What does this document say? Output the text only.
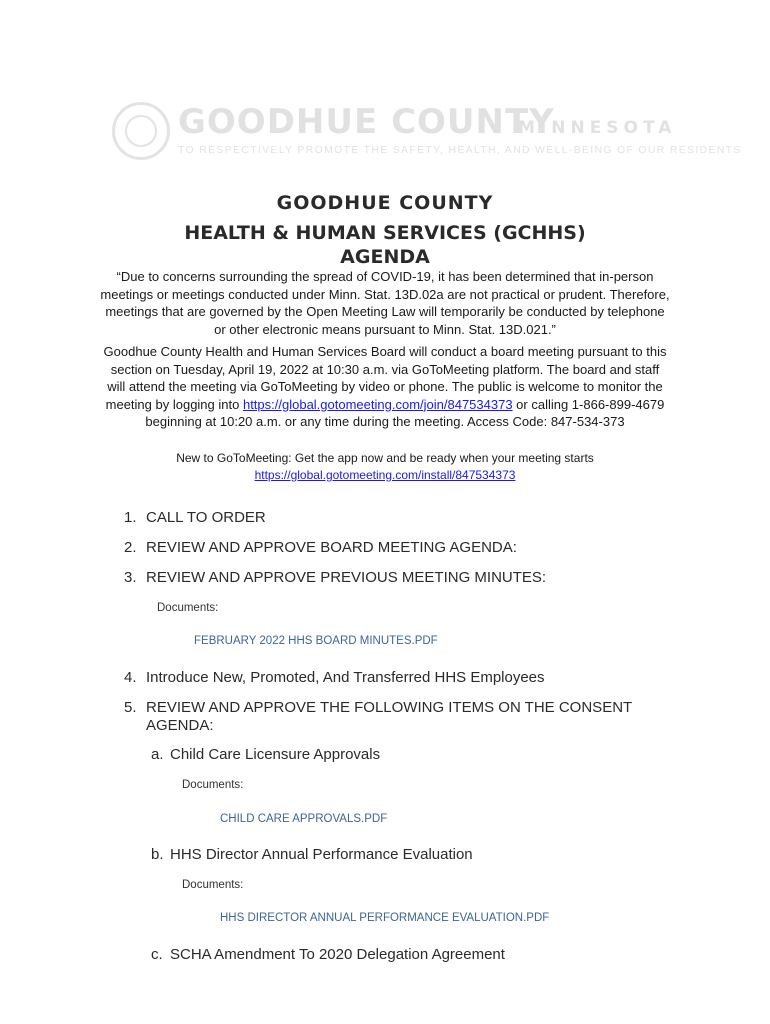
GOODHUE COUNTY
MINNESOTA
TO RESPECTIVELY PROMOTE THE SAFETY, HEALTH, AND WELL-BEING OF OUR RESIDENTS
GOODHUE COUNTY
HEALTH & HUMAN SERVICES (GCHHS)
AGENDA
“Due to concerns surrounding the spread of COVID-19, it has been determined that in-person meetings or meetings conducted under Minn. Stat. 13D.02a are not practical or prudent. Therefore, meetings that are governed by the Open Meeting Law will temporarily be conducted by telephone or other electronic means pursuant to Minn. Stat. 13D.021.”
Goodhue County Health and Human Services Board will conduct a board meeting pursuant to this section on Tuesday, April 19, 2022 at 10:30 a.m. via GoToMeeting platform. The board and staff will attend the meeting via GoToMeeting by video or phone. The public is welcome to monitor the meeting by logging into https://global.gotomeeting.com/join/847534373 or calling 1-866-899-4679 beginning at 10:20 a.m. or any time during the meeting. Access Code: 847-534-373
New to GoToMeeting: Get the app now and be ready when your meeting starts
https://global.gotomeeting.com/install/847534373
1. CALL TO ORDER
2. REVIEW AND APPROVE BOARD MEETING AGENDA:
3. REVIEW AND APPROVE PREVIOUS MEETING MINUTES:
Documents:
FEBRUARY 2022 HHS BOARD MINUTES.PDF
4. Introduce New, Promoted, And Transferred HHS Employees
5. REVIEW AND APPROVE THE FOLLOWING ITEMS ON THE CONSENT
AGENDA:
a. Child Care Licensure Approvals
Documents:
CHILD CARE APPROVALS.PDF
b. HHS Director Annual Performance Evaluation
Documents:
HHS DIRECTOR ANNUAL PERFORMANCE EVALUATION.PDF
c. SCHA Amendment To 2020 Delegation Agreement
